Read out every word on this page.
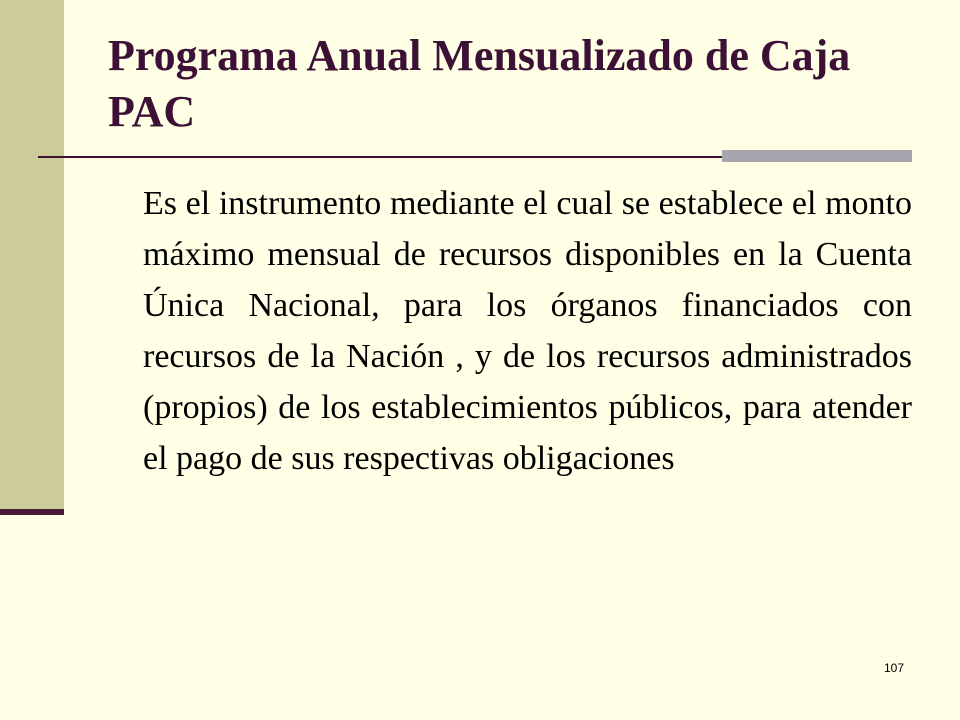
Programa Anual Mensualizado de Caja PAC

Es el instrumento mediante el cual se establece el monto máximo mensual de recursos disponibles en la Cuenta Única Nacional, para los órganos financiados con recursos de la Nación , y de los recursos administrados (propios) de los establecimientos públicos, para atender el pago de sus respectivas obligaciones

107
